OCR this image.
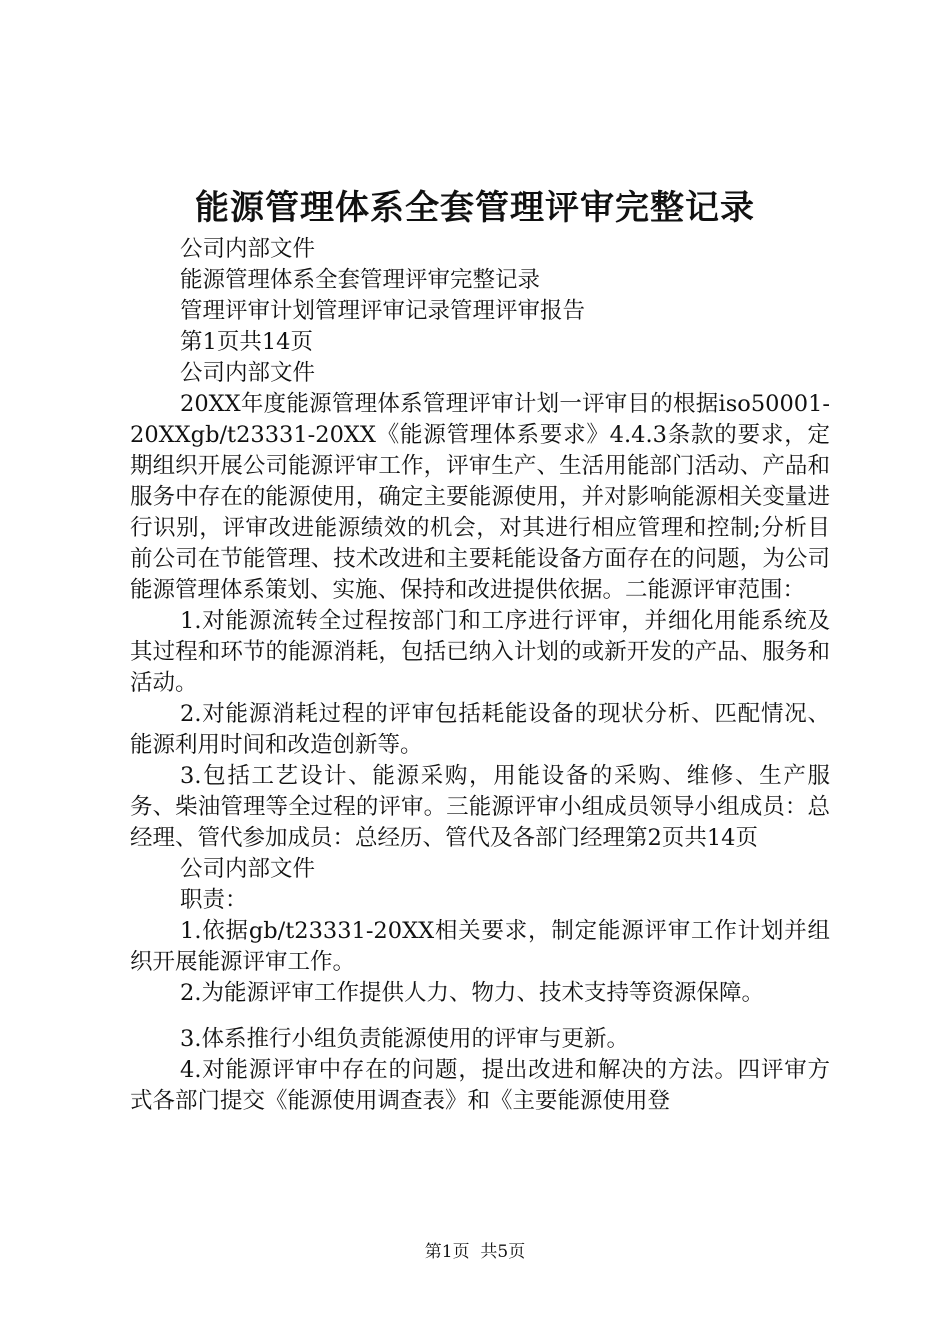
能源管理体系全套管理评审完整记录

公司内部文件

能源管理体系全套管理评审完整记录

管理评审计划管理评审记录管理评审报告

第1页共14页

公司内部文件

20XX年度能源管理体系管理评审计划一评审目的根据iso50001-20XXgb/t23331-20XX《能源管理体系要求》4.4.3条款的要求，定期组织开展公司能源评审工作，评审生产、生活用能部门活动、产品和服务中存在的能源使用，确定主要能源使用，并对影响能源相关变量进行识别，评审改进能源绩效的机会，对其进行相应管理和控制;分析目前公司在节能管理、技术改进和主要耗能设备方面存在的问题，为公司能源管理体系策划、实施、保持和改进提供依据。二能源评审范围：

1.对能源流转全过程按部门和工序进行评审，并细化用能系统及其过程和环节的能源消耗，包括已纳入计划的或新开发的产品、服务和活动。

2.对能源消耗过程的评审包括耗能设备的现状分析、匹配情况、能源利用时间和改造创新等。

3.包括工艺设计、能源采购，用能设备的采购、维修、生产服务、柴油管理等全过程的评审。三能源评审小组成员领导小组成员：总经理、管代参加成员：总经历、管代及各部门经理第2页共14页

公司内部文件

职责：

1.依据gb/t23331-20XX相关要求，制定能源评审工作计划并组织开展能源评审工作。

2.为能源评审工作提供人力、物力、技术支持等资源保障。

3.体系推行小组负责能源使用的评审与更新。

4.对能源评审中存在的问题，提出改进和解决的方法。四评审方式各部门提交《能源使用调查表》和《主要能源使用登

第1页 共5页
